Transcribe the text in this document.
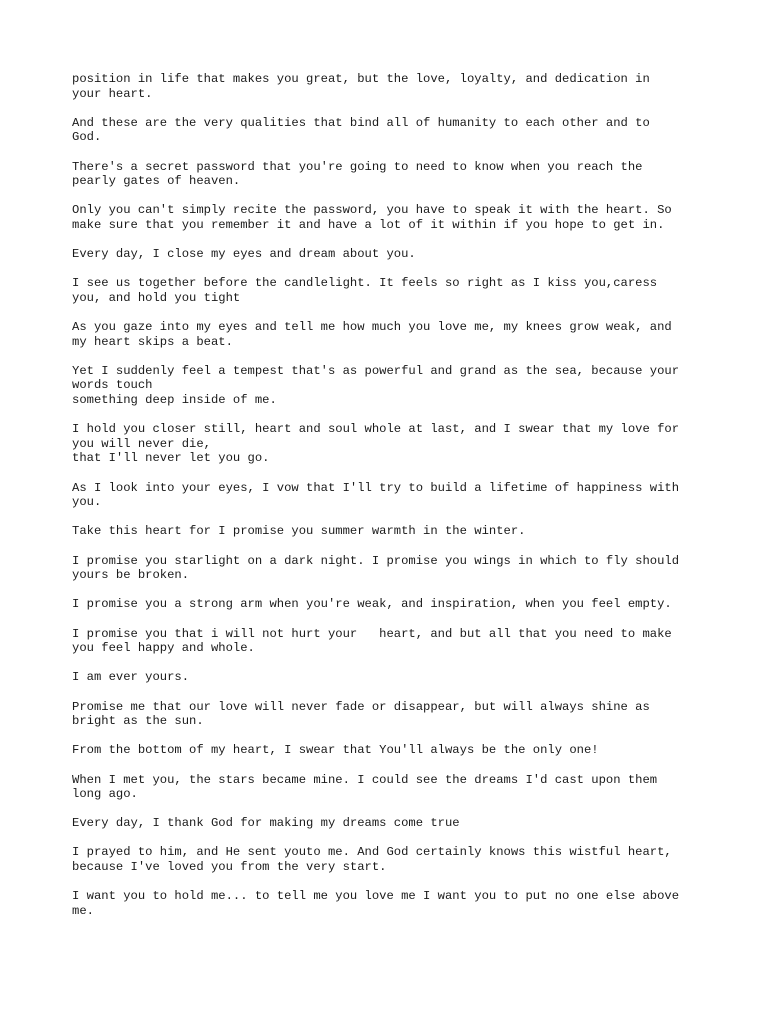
position in life that makes you great, but the love, loyalty, and dedication in
your heart.

And these are the very qualities that bind all of humanity to each other and to
God.

There's a secret password that you're going to need to know when you reach the
pearly gates of heaven.

Only you can't simply recite the password, you have to speak it with the heart. So
make sure that you remember it and have a lot of it within if you hope to get in.

Every day, I close my eyes and dream about you.

I see us together before the candlelight. It feels so right as I kiss you,caress
you, and hold you tight

As you gaze into my eyes and tell me how much you love me, my knees grow weak, and
my heart skips a beat.

Yet I suddenly feel a tempest that's as powerful and grand as the sea, because your
words touch
something deep inside of me.

I hold you closer still, heart and soul whole at last, and I swear that my love for
you will never die,
that I'll never let you go.

As I look into your eyes, I vow that I'll try to build a lifetime of happiness with
you.

Take this heart for I promise you summer warmth in the winter.

I promise you starlight on a dark night. I promise you wings in which to fly should
yours be broken.

I promise you a strong arm when you're weak, and inspiration, when you feel empty.

I promise you that i will not hurt your   heart, and but all that you need to make
you feel happy and whole.

I am ever yours.

Promise me that our love will never fade or disappear, but will always shine as
bright as the sun.

From the bottom of my heart, I swear that You'll always be the only one!

When I met you, the stars became mine. I could see the dreams I'd cast upon them
long ago.

Every day, I thank God for making my dreams come true

I prayed to him, and He sent youto me. And God certainly knows this wistful heart,
because I've loved you from the very start.

I want you to hold me... to tell me you love me I want you to put no one else above
me.
